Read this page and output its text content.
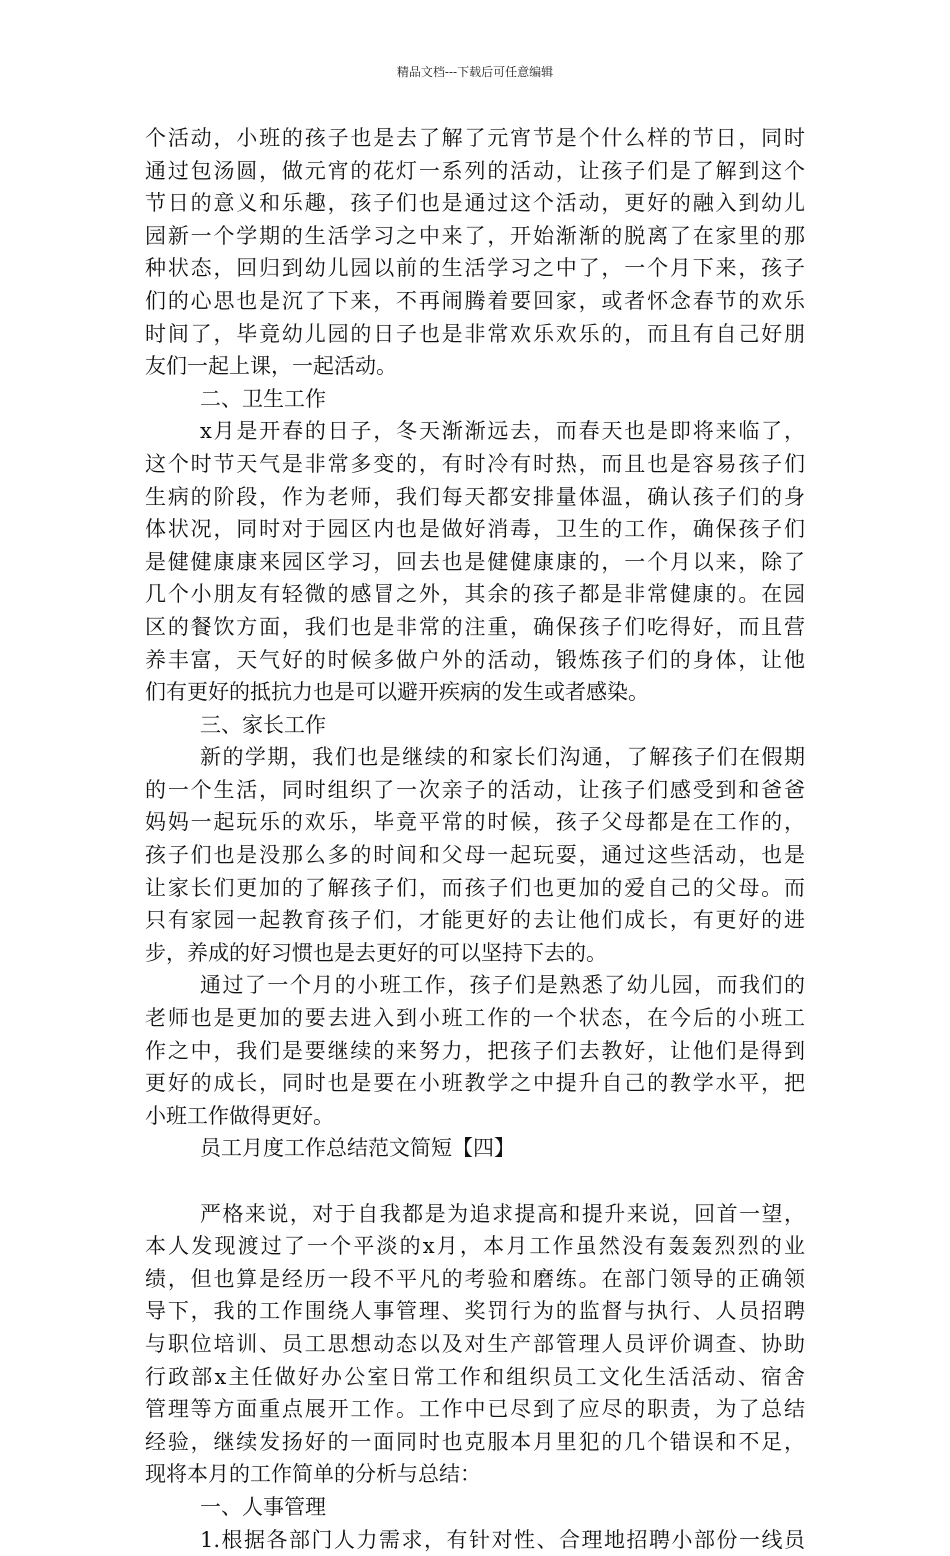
精品文档---下载后可任意编辑
个活动，小班的孩子也是去了解了元宵节是个什么样的节日，同时
通过包汤圆，做元宵的花灯一系列的活动，让孩子们是了解到这个
节日的意义和乐趣，孩子们也是通过这个活动，更好的融入到幼儿
园新一个学期的生活学习之中来了，开始渐渐的脱离了在家里的那
种状态，回归到幼儿园以前的生活学习之中了，一个月下来，孩子
们的心思也是沉了下来，不再闹腾着要回家，或者怀念春节的欢乐
时间了，毕竟幼儿园的日子也是非常欢乐欢乐的，而且有自己好朋
友们一起上课，一起活动。
二、卫生工作
x月是开春的日子，冬天渐渐远去，而春天也是即将来临了，
这个时节天气是非常多变的，有时冷有时热，而且也是容易孩子们
生病的阶段，作为老师，我们每天都安排量体温，确认孩子们的身
体状况，同时对于园区内也是做好消毒，卫生的工作，确保孩子们
是健健康康来园区学习，回去也是健健康康的，一个月以来，除了
几个小朋友有轻微的感冒之外，其余的孩子都是非常健康的。在园
区的餐饮方面，我们也是非常的注重，确保孩子们吃得好，而且营
养丰富，天气好的时候多做户外的活动，锻炼孩子们的身体，让他
们有更好的抵抗力也是可以避开疾病的发生或者感染。
三、家长工作
新的学期，我们也是继续的和家长们沟通，了解孩子们在假期
的一个生活，同时组织了一次亲子的活动，让孩子们感受到和爸爸
妈妈一起玩乐的欢乐，毕竟平常的时候，孩子父母都是在工作的，
孩子们也是没那么多的时间和父母一起玩耍，通过这些活动，也是
让家长们更加的了解孩子们，而孩子们也更加的爱自己的父母。而
只有家园一起教育孩子们，才能更好的去让他们成长，有更好的进
步，养成的好习惯也是去更好的可以坚持下去的。
通过了一个月的小班工作，孩子们是熟悉了幼儿园，而我们的
老师也是更加的要去进入到小班工作的一个状态，在今后的小班工
作之中，我们是要继续的来努力，把孩子们去教好，让他们是得到
更好的成长，同时也是要在小班教学之中提升自己的教学水平，把
小班工作做得更好。
员工月度工作总结范文简短【四】
严格来说，对于自我都是为追求提高和提升来说，回首一望，
本人发现渡过了一个平淡的x月，本月工作虽然没有轰轰烈烈的业
绩，但也算是经历一段不平凡的考验和磨练。在部门领导的正确领
导下，我的工作围绕人事管理、奖罚行为的监督与执行、人员招聘
与职位培训、员工思想动态以及对生产部管理人员评价调查、协助
行政部x主任做好办公室日常工作和组织员工文化生活活动、宿舍
管理等方面重点展开工作。工作中已尽到了应尽的职责，为了总结
经验，继续发扬好的一面同时也克服本月里犯的几个错误和不足，
现将本月的工作简单的分析与总结：
一、人事管理
1.根据各部门人力需求，有针对性、合理地招聘小部份一线员
